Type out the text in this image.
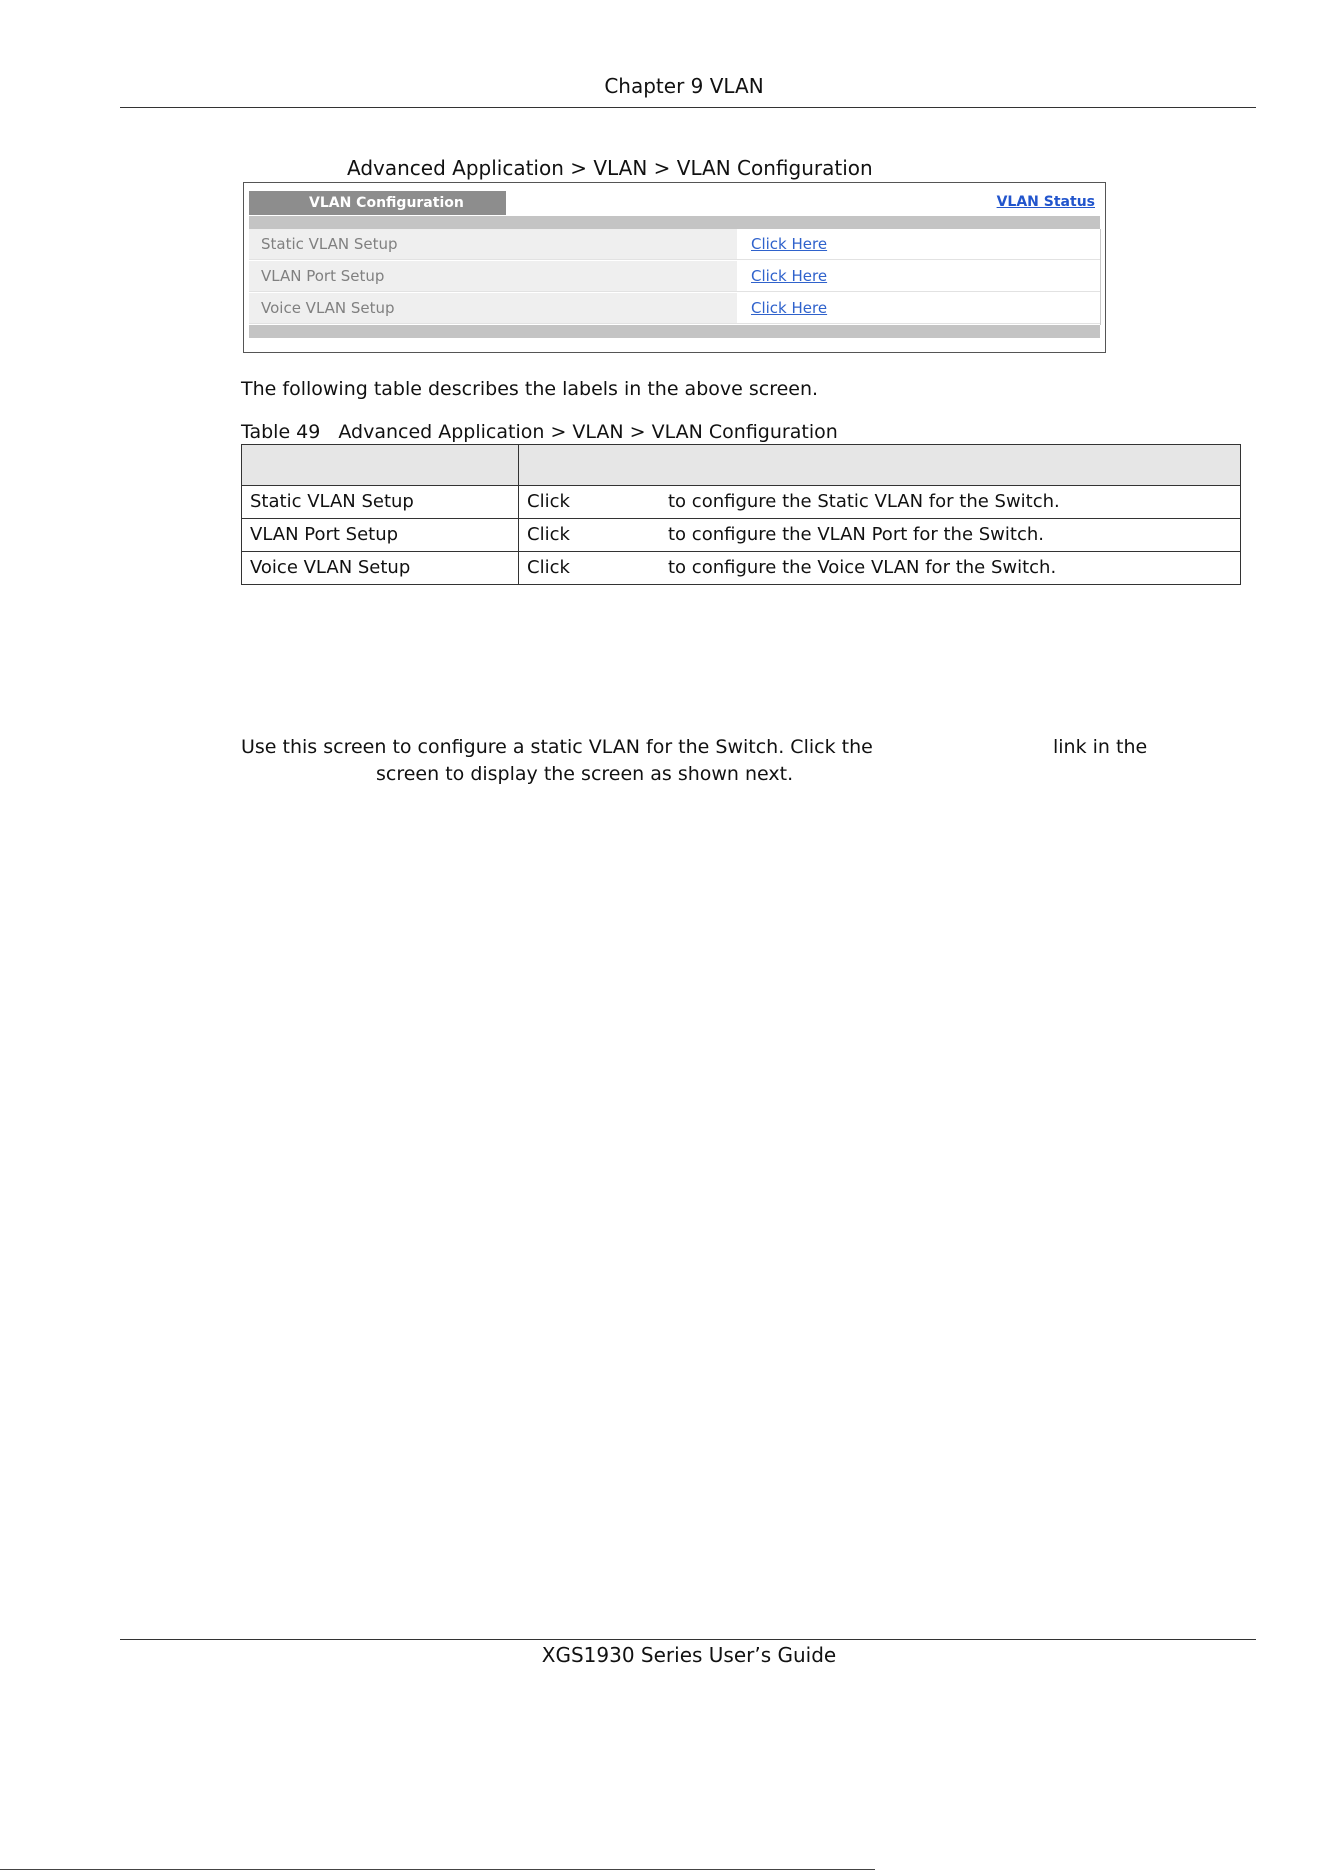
Chapter 9 VLAN
Advanced Application > VLAN > VLAN Configuration
VLAN Configuration	VLAN Status
Static VLAN Setup	Click Here
VLAN Port Setup	Click Here
Voice VLAN Setup	Click Here
The following table describes the labels in the above screen.
Table 49 Advanced Application > VLAN > VLAN Configuration

Static VLAN Setup	Click to configure the Static VLAN for the Switch.
VLAN Port Setup	Click to configure the VLAN Port for the Switch.
Voice VLAN Setup	Click to configure the Voice VLAN for the Switch.
Use this screen to configure a static VLAN for the Switch. Click the	link in the
screen to display the screen as shown next.
XGS1930 Series User’s Guide
